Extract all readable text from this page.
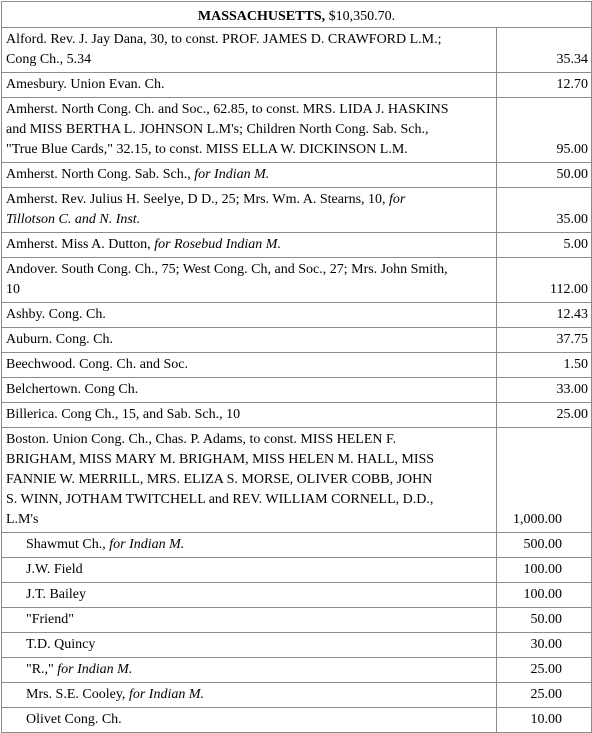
MASSACHUSETTS, $10,350.70.	
Alford. Rev. J. Jay Dana, 30, to const. PROF. JAMES D. CRAWFORD L.M.;
Cong Ch., 5.34	35.34
Amesbury. Union Evan. Ch.	12.70
Amherst. North Cong. Ch. and Soc., 62.85, to const. MRS. LIDA J. HASKINS
and MISS BERTHA L. JOHNSON L.M's; Children North Cong. Sab. Sch.,
"True Blue Cards," 32.15, to const. MISS ELLA W. DICKINSON L.M.	95.00
Amherst. North Cong. Sab. Sch., for Indian M.	50.00
Amherst. Rev. Julius H. Seelye, D D., 25; Mrs. Wm. A. Stearns, 10, for
Tillotson C. and N. Inst.	35.00
Amherst. Miss A. Dutton, for Rosebud Indian M.	5.00
Andover. South Cong. Ch., 75; West Cong. Ch, and Soc., 27; Mrs. John Smith,
10	112.00
Ashby. Cong. Ch.	12.43
Auburn. Cong. Ch.	37.75
Beechwood. Cong. Ch. and Soc.	1.50
Belchertown. Cong Ch.	33.00
Billerica. Cong Ch., 15, and Sab. Sch., 10	25.00
Boston. Union Cong. Ch., Chas. P. Adams, to const. MISS HELEN F.
BRIGHAM, MISS MARY M. BRIGHAM, MISS HELEN M. HALL, MISS
FANNIE W. MERRILL, MRS. ELIZA S. MORSE, OLIVER COBB, JOHN
S. WINN, JOTHAM TWITCHELL and REV. WILLIAM CORNELL, D.D.,
L.M's	1,000.00
Shawmut Ch., for Indian M.	500.00
J.W. Field	100.00
J.T. Bailey	100.00
"Friend"	50.00
T.D. Quincy	30.00
"R.," for Indian M.	25.00
Mrs. S.E. Cooley, for Indian M.	25.00
Olivet Cong. Ch.	10.00
